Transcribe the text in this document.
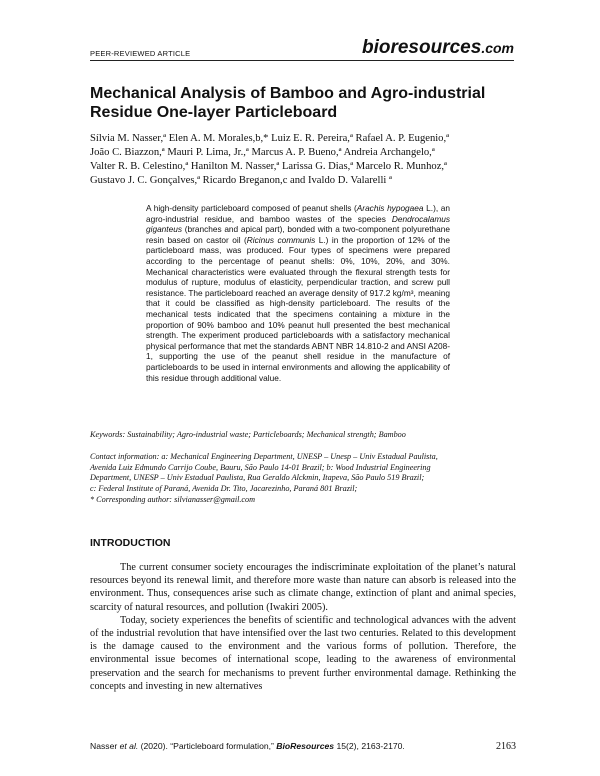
PEER-REVIEWED ARTICLE	bioresources.com
Mechanical Analysis of Bamboo and Agro-industrial Residue One-layer Particleboard
Sílvia M. Nasser,ª Elen A. M. Morales,b,* Luiz E. R. Pereira,ª Rafael A. P. Eugenio,ª
João C. Biazzon,ª Mauri P. Lima, Jr.,ª Marcus A. P. Bueno,ª Andreia Archangelo,ª
Valter R. B. Celestino,ª Hanilton M. Nasser,ª Larissa G. Dias,ª Marcelo R. Munhoz,ª
Gustavo J. C. Gonçalves,ª Ricardo Breganon,c and Ivaldo D. Valarelli ª
A high-density particleboard composed of peanut shells (Arachis hypogaea L.), an agro-industrial residue, and bamboo wastes of the species Dendrocalamus giganteus (branches and apical part), bonded with a two-component polyurethane resin based on castor oil (Ricinus communis L.) in the proportion of 12% of the particleboard mass, was produced. Four types of specimens were prepared according to the percentage of peanut shells: 0%, 10%, 20%, and 30%. Mechanical characteristics were evaluated through the flexural strength tests for modulus of rupture, modulus of elasticity, perpendicular traction, and screw pull resistance. The particleboard reached an average density of 917.2 kg/m³, meaning that it could be classified as high-density particleboard. The results of the mechanical tests indicated that the specimens containing a mixture in the proportion of 90% bamboo and 10% peanut hull presented the best mechanical strength. The experiment produced particleboards with a satisfactory mechanical physical performance that met the standards ABNT NBR 14.810-2 and ANSI A208-1, supporting the use of the peanut shell residue in the manufacture of particleboards to be used in internal environments and allowing the applicability of this residue through additional value.
Keywords: Sustainability; Agro-industrial waste; Particleboards; Mechanical strength; Bamboo
Contact information: a: Mechanical Engineering Department, UNESP – Unesp – Univ Estadual Paulista,
Avenida Luiz Edmundo Carrijo Coube, Bauru, São Paulo 14-01 Brazil; b: Wood Industrial Engineering
Department, UNESP – Univ Estadual Paulista, Rua Geraldo Alckmin, Itapeva, São Paulo 519 Brazil;
c: Federal Institute of Paraná, Avenida Dr. Tito, Jacarezinho, Paraná 801 Brazil;
* Corresponding author: silvianasser@gmail.com
INTRODUCTION

The current consumer society encourages the indiscriminate exploitation of the planet’s natural resources beyond its renewal limit, and therefore more waste than nature can absorb is released into the environment. Thus, consequences arise such as climate change, extinction of plant and animal species, scarcity of natural resources, and pollution (Iwakiri 2005).

Today, society experiences the benefits of scientific and technological advances with the advent of the industrial revolution that have intensified over the last two centuries. Related to this development is the damage caused to the environment and the various forms of pollution. Therefore, the environmental issue becomes of international scope, leading to the awareness of environmental preservation and the search for mechanisms to prevent further environmental damage. Rethinking the concepts and investing in new alternatives

Nasser et al. (2020). “Particleboard formulation,” BioResources 15(2), 2163-2170.	2163
